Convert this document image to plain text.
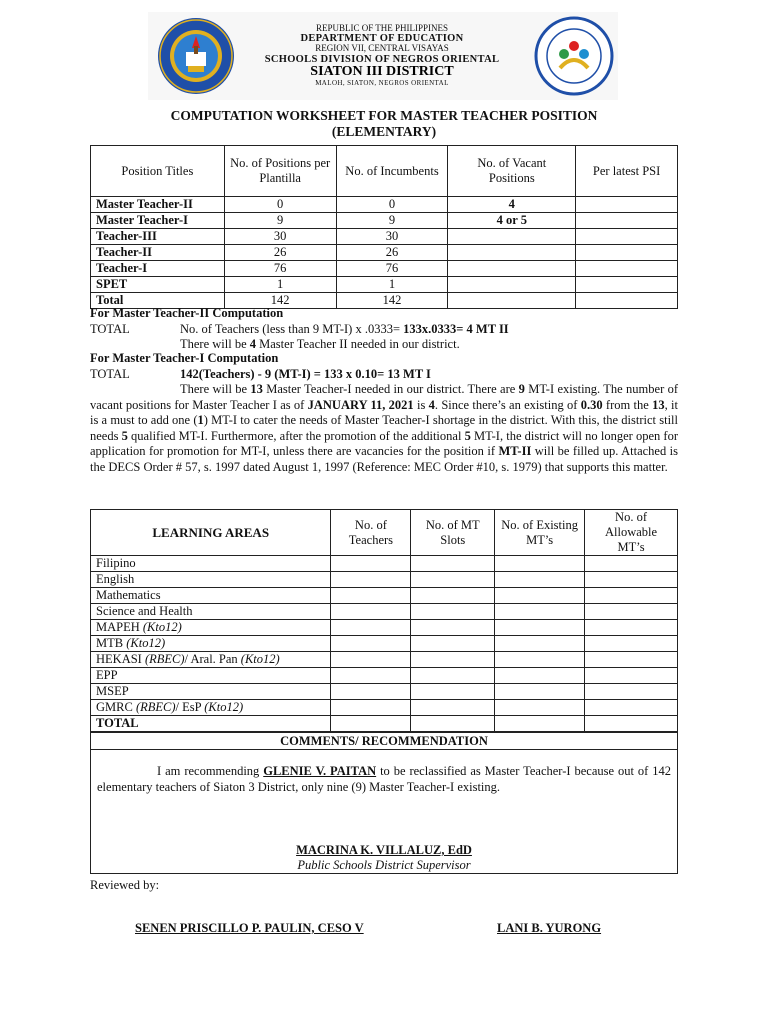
REPUBLIC OF THE PHILIPPINES
DEPARTMENT OF EDUCATION
REGION VII, CENTRAL VISAYAS
SCHOOLS DIVISION OF NEGROS ORIENTAL
SIATON III DISTRICT
MALOH, SIATON, NEGROS ORIENTAL
COMPUTATION WORKSHEET FOR MASTER TEACHER POSITION
(ELEMENTARY)
Position Titles	No. of Positions per Plantilla	No. of Incumbents	No. of Vacant Positions	Per latest PSI
Master Teacher-II	0	0	4	
Master Teacher-I	9	9	4 or 5	
Teacher-III	30	30		
Teacher-II	26	26		
Teacher-I	76	76		
SPET	1	1		
Total	142	142		
For Master Teacher-II Computation
TOTAL	No. of Teachers (less than 9 MT-I) x .0333= 133x.0333= 4 MT II
There will be 4 Master Teacher II needed in our district.
For Master Teacher-I Computation
TOTAL	142(Teachers) - 9 (MT-I) = 133 x 0.10= 13 MT I

There will be 13 Master Teacher-I needed in our district. There are 9 MT-I existing. The number of vacant positions for Master Teacher I as of JANUARY 11, 2021 is 4. Since there’s an existing of 0.30 from the 13, it is a must to add one (1) MT-I to cater the needs of Master Teacher-I shortage in the district. With this, the district still needs 5 qualified MT-I. Furthermore, after the promotion of the additional 5 MT-I, the district will no longer open for application for promotion for MT-I, unless there are vacancies for the position if MT-II will be filled up. Attached is the DECS Order # 57, s. 1997 dated August 1, 1997 (Reference: MEC Order #10, s. 1979) that supports this matter.

LEARNING AREAS	No. of Teachers	No. of MT Slots	No. of Existing MT’s	No. of Allowable MT’s
Filipino				
English				
Mathematics				
Science and Health				
MAPEH (Kto12)				
MTB (Kto12)				
HEKASI (RBEC)/ Aral. Pan (Kto12)				
EPP				
MSEP				
GMRC (RBEC)/ EsP (Kto12)				
TOTAL				
COMMENTS/ RECOMMENDATION
I am recommending GLENIE V. PAITAN to be reclassified as Master Teacher-I because out of 142 elementary teachers of Siaton 3 District, only nine (9) Master Teacher-I existing.
MACRINA K. VILLALUZ, EdD
Public Schools District Supervisor
Reviewed by:
SENEN PRISCILLO P. PAULIN, CESO V	LANI B. YURONG
